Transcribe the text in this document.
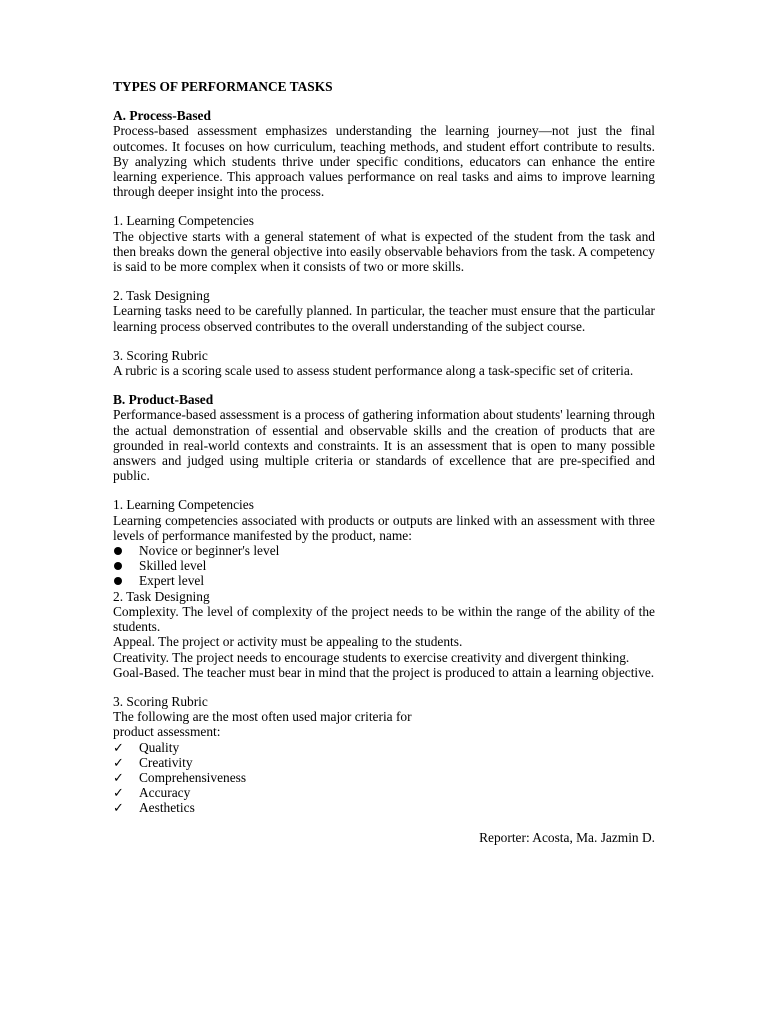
TYPES OF PERFORMANCE TASKS
A. Process-Based
Process-based assessment emphasizes understanding the learning journey—not just the final outcomes. It focuses on how curriculum, teaching methods, and student effort contribute to results. By analyzing which students thrive under specific conditions, educators can enhance the entire learning experience. This approach values performance on real tasks and aims to improve learning through deeper insight into the process.
1. Learning Competencies
The objective starts with a general statement of what is expected of the student from the task and then breaks down the general objective into easily observable behaviors from the task. A competency is said to be more complex when it consists of two or more skills.
2. Task Designing
Learning tasks need to be carefully planned. In particular, the teacher must ensure that the particular learning process observed contributes to the overall understanding of the subject course.
3. Scoring Rubric
A rubric is a scoring scale used to assess student performance along a task-specific set of criteria.
B. Product-Based
Performance-based assessment is a process of gathering information about students' learning through the actual demonstration of essential and observable skills and the creation of products that are grounded in real-world contexts and constraints. It is an assessment that is open to many possible answers and judged using multiple criteria or standards of excellence that are pre-specified and public.
1. Learning Competencies
Learning competencies associated with products or outputs are linked with an assessment with three levels of performance manifested by the product, name:
Novice or beginner's level
Skilled level
Expert level
2. Task Designing
Complexity. The level of complexity of the project needs to be within the range of the ability of the students.
Appeal. The project or activity must be appealing to the students.
Creativity. The project needs to encourage students to exercise creativity and divergent thinking.
Goal-Based. The teacher must bear in mind that the project is produced to attain a learning objective.
3. Scoring Rubric
The following are the most often used major criteria for
product assessment:
✓ Quality
✓ Creativity
✓ Comprehensiveness
✓ Accuracy
✓ Aesthetics
Reporter: Acosta, Ma. Jazmin D.
